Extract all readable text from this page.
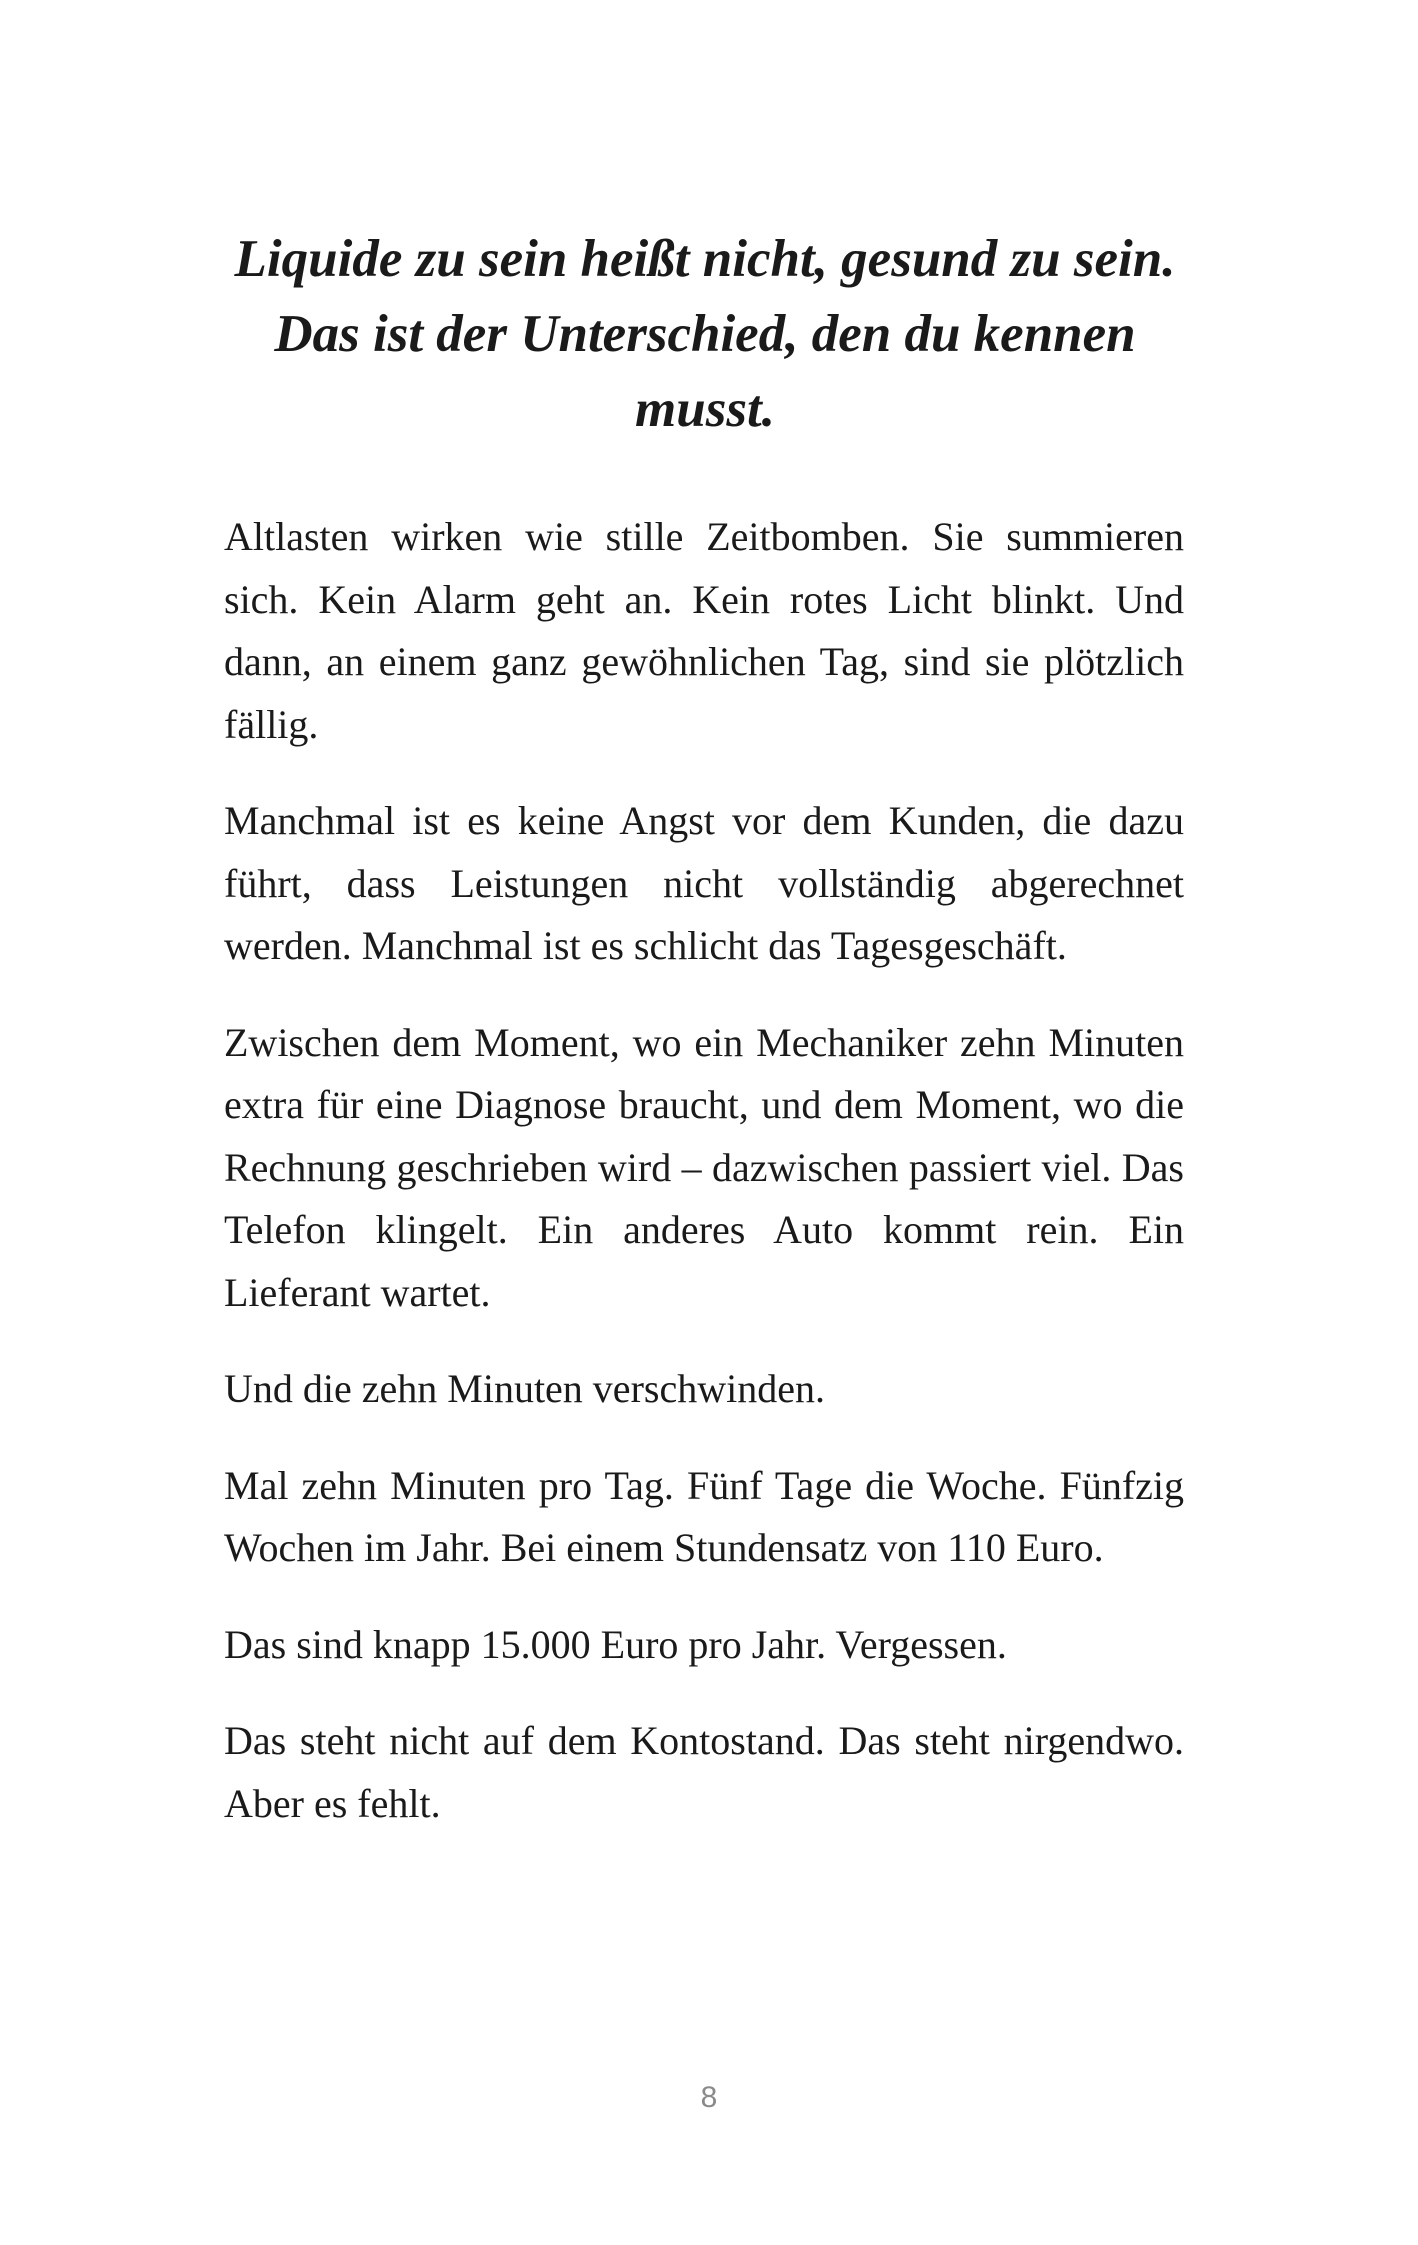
Liquide zu sein heißt nicht, gesund zu sein.
Das ist der Unterschied, den du kennen
musst.

Altlasten wirken wie stille Zeitbomben. Sie summieren sich. Kein Alarm geht an. Kein rotes Licht blinkt. Und dann, an einem ganz gewöhnlichen Tag, sind sie plötzlich fällig.

Manchmal ist es keine Angst vor dem Kunden, die dazu führt, dass Leistungen nicht vollständig abgerechnet werden. Manchmal ist es schlicht das Tagesgeschäft.

Zwischen dem Moment, wo ein Mechaniker zehn Minuten extra für eine Diagnose braucht, und dem Moment, wo die Rechnung geschrieben wird – dazwischen passiert viel. Das Telefon klingelt. Ein anderes Auto kommt rein. Ein Lieferant wartet.

Und die zehn Minuten verschwinden.

Mal zehn Minuten pro Tag. Fünf Tage die Woche. Fünfzig Wochen im Jahr. Bei einem Stundensatz von 110 Euro.

Das sind knapp 15.000 Euro pro Jahr. Vergessen.

Das steht nicht auf dem Kontostand. Das steht nirgendwo. Aber es fehlt.

8
